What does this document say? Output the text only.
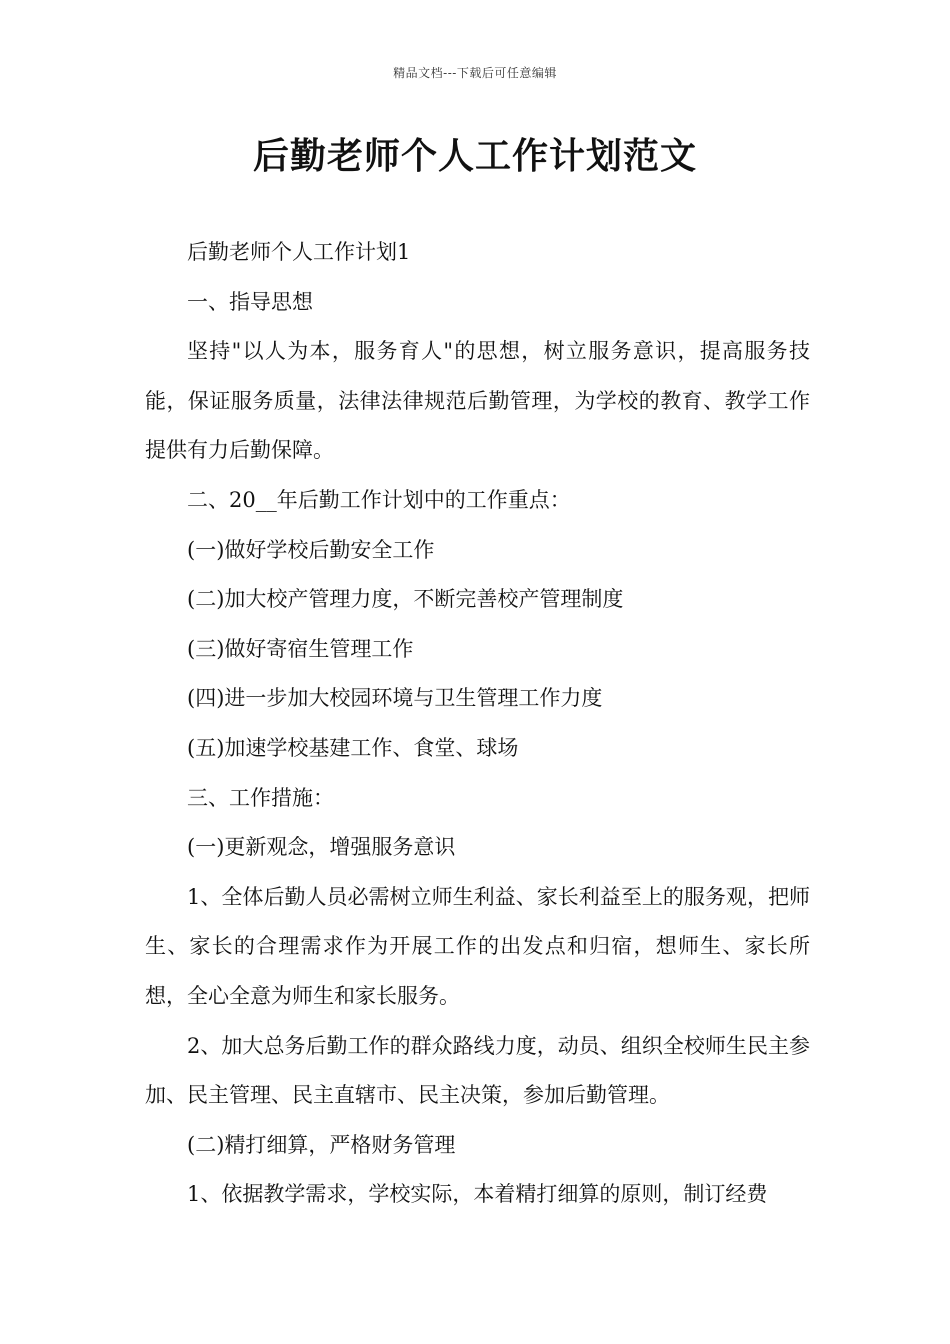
精品文档---下载后可任意编辑
后勤老师个人工作计划范文

后勤老师个人工作计划1

一、指导思想

坚持"以人为本，服务育人"的思想，树立服务意识，提高服务技能，保证服务质量，法律法律规范后勤管理，为学校的教育、教学工作提供有力后勤保障。

二、20__年后勤工作计划中的工作重点：

(一)做好学校后勤安全工作

(二)加大校产管理力度，不断完善校产管理制度

(三)做好寄宿生管理工作

(四)进一步加大校园环境与卫生管理工作力度

(五)加速学校基建工作、食堂、球场

三、工作措施：

(一)更新观念，增强服务意识

1、全体后勤人员必需树立师生利益、家长利益至上的服务观，把师生、家长的合理需求作为开展工作的出发点和归宿，想师生、家长所想，全心全意为师生和家长服务。

2、加大总务后勤工作的群众路线力度，动员、组织全校师生民主参加、民主管理、民主直辖市、民主决策，参加后勤管理。

(二)精打细算，严格财务管理

1、依据教学需求，学校实际，本着精打细算的原则，制订经费
